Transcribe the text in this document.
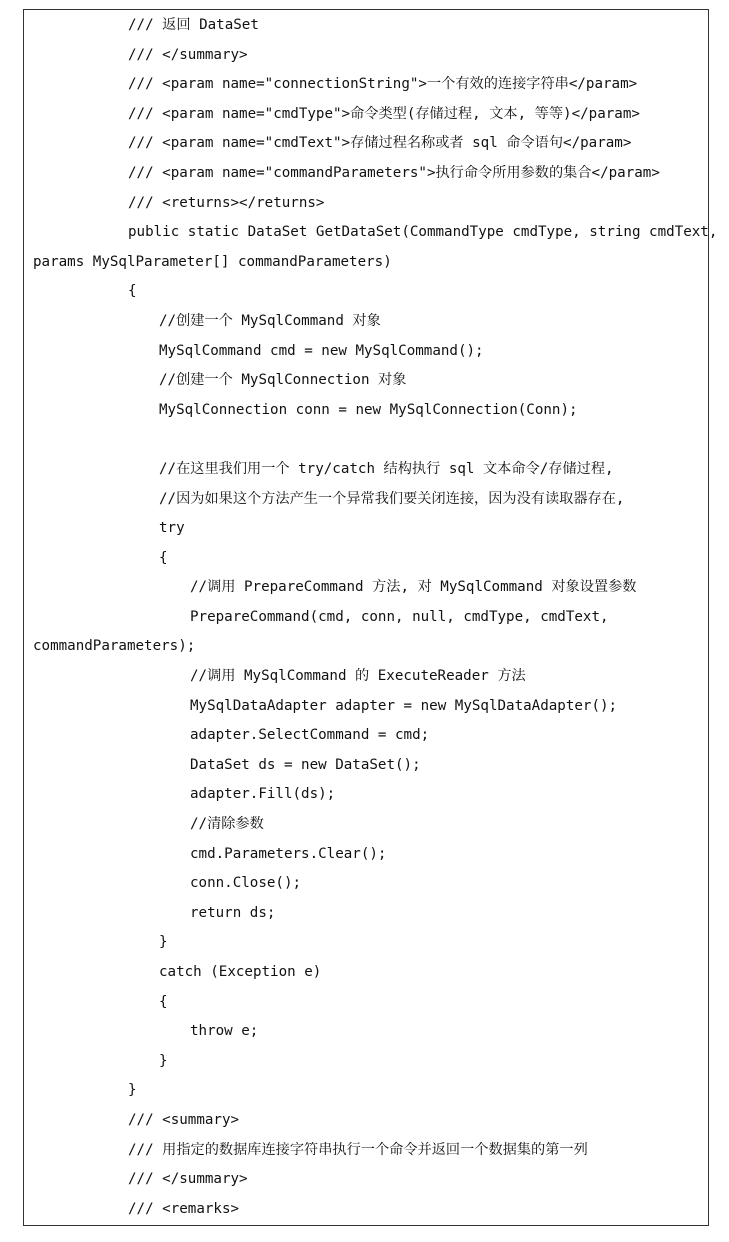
/// 返回 DataSet
/// </summary>
/// <param name="connectionString">一个有效的连接字符串</param>
/// <param name="cmdType">命令类型(存储过程, 文本, 等等)</param>
/// <param name="cmdText">存储过程名称或者 sql 命令语句</param>
/// <param name="commandParameters">执行命令所用参数的集合</param>
/// <returns></returns>
public static DataSet GetDataSet(CommandType cmdType, string cmdText,
params MySqlParameter[] commandParameters)
{
//创建一个 MySqlCommand 对象
MySqlCommand cmd = new MySqlCommand();
//创建一个 MySqlConnection 对象
MySqlConnection conn = new MySqlConnection(Conn);
//在这里我们用一个 try/catch 结构执行 sql 文本命令/存储过程,
//因为如果这个方法产生一个异常我们要关闭连接，因为没有读取器存在,
try
{
//调用 PrepareCommand 方法, 对 MySqlCommand 对象设置参数
PrepareCommand(cmd, conn, null, cmdType, cmdText,
commandParameters);
//调用 MySqlCommand 的 ExecuteReader 方法
MySqlDataAdapter adapter = new MySqlDataAdapter();
adapter.SelectCommand = cmd;
DataSet ds = new DataSet();
adapter.Fill(ds);
//清除参数
cmd.Parameters.Clear();
conn.Close();
return ds;
}
catch (Exception e)
{
throw e;
}
}
/// <summary>
/// 用指定的数据库连接字符串执行一个命令并返回一个数据集的第一列
/// </summary>
/// <remarks>
